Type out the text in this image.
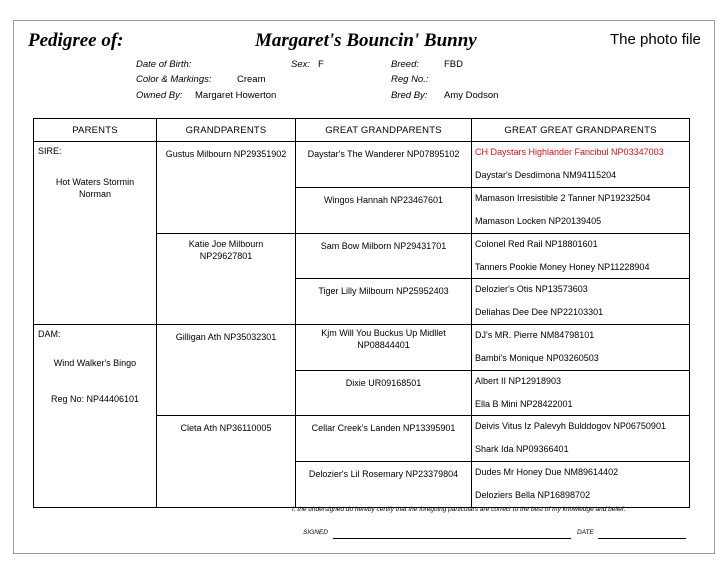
Pedigree of:	Margaret's Bouncin' Bunny	The photo file
Date of Birth:
Color & Markings:	Cream
Owned By: Margaret Howerton
Sex: F	Breed:	FBD
Reg No.:
Bred By: Amy Dodson
PARENTS	GRANDPARENTS	GREAT GRANDPARENTS	GREAT GREAT GRANDPARENTS

SIRE:
Hot Waters Stormin Norman	Gustus Milbourn NP29351902	Daystar's The Wanderer NP07895102	CH Daystars Highlander Fancibul NP03347003
Daystar's Desdimona NM94115204

		Wingos Hannah NP23467601	Mamason Irresistible 2 Tanner NP19232504
Mamason Locken NP20139405

	Katie Joe Milbourn NP29627801	Sam Bow Milborn NP29431701	Colonel Red Rail NP18801601
Tanners Pookie Money Honey NP11228904

		Tiger Lilly Milbourn NP25952403	Delozier's Otis NP13573603
Deliahas Dee Dee NP22103301

DAM:
Wind Walker's Bingo
Reg No: NP44406101	Gilligan Ath NP35032301	Kjm Will You Buckus Up Midllet NP08844401	DJ's MR. Pierre NM84798101
Bambi's Monique NP03260503

		Dixie UR09168501	Albert II NP12918903
Ella B Mini NP28422001

	Cleta Ath NP36110005	Cellar Creek's Landen NP13395901	Deivis Vitus Iz Palevyh Bulddogov NP06750901
Shark Ida NP09366401

		Delozier's Lil Rosemary NP23379804	Dudes Mr Honey Due NM89614402
Deloziers Bella NP16898702
I, the undersigned do hereby certify that the foregoing particulars are correct to the best of my knowledge and belief.
SIGNED	DATE
